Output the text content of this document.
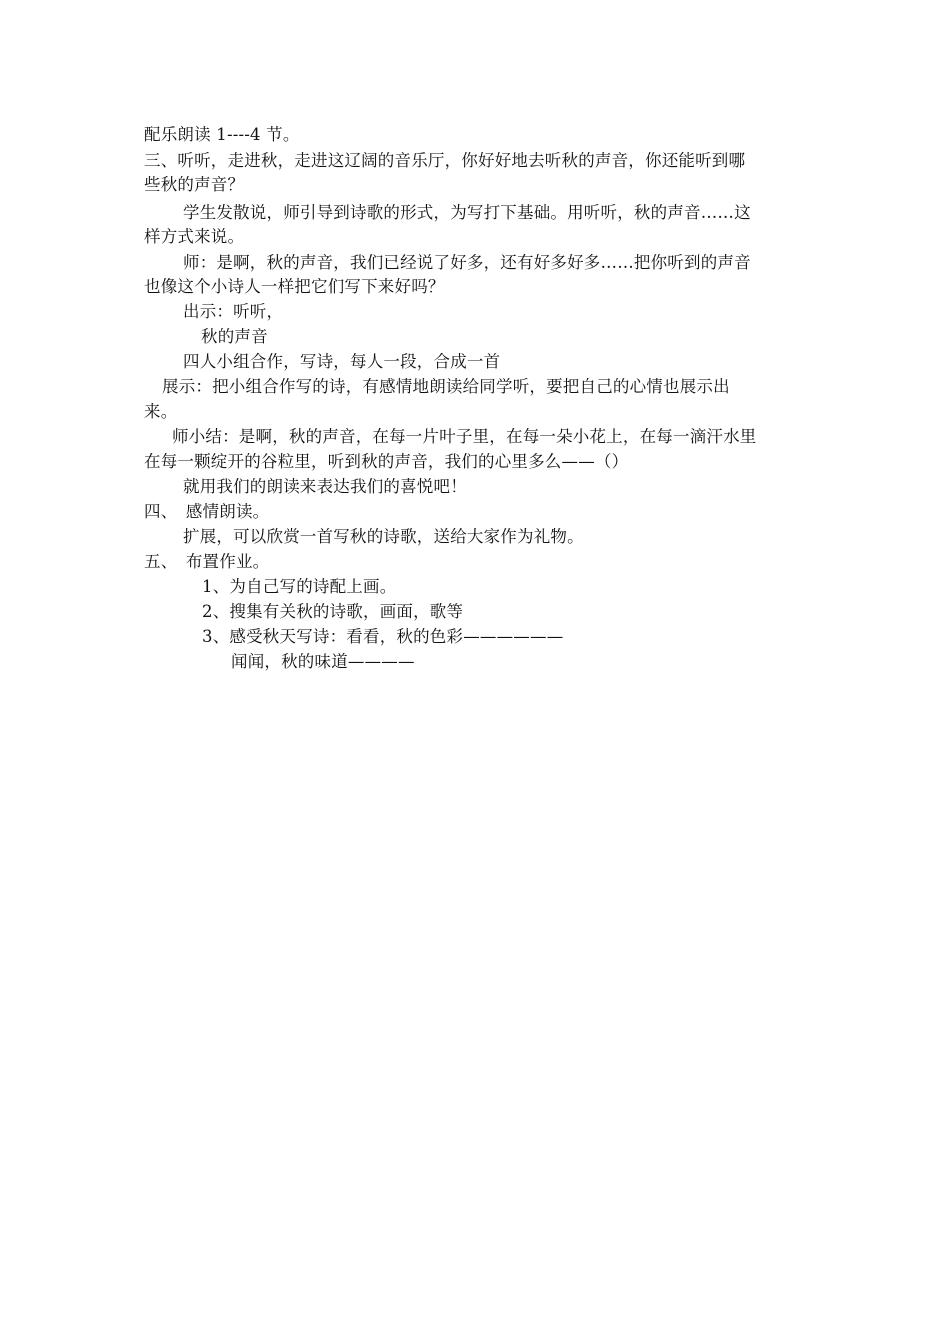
配乐朗读 1----4 节。
三、听听，走进秋，走进这辽阔的音乐厅，你好好地去听秋的声音，你还能听到哪
些秋的声音？
学生发散说，师引导到诗歌的形式，为写打下基础。用听听，秋的声音……这
样方式来说。
师：是啊，秋的声音，我们已经说了好多，还有好多好多……把你听到的声音
也像这个小诗人一样把它们写下来好吗？
出示：听听，
秋的声音
四人小组合作，写诗，每人一段，合成一首
展示：把小组合作写的诗，有感情地朗读给同学听，要把自己的心情也展示出
来。
师小结：是啊，秋的声音，在每一片叶子里，在每一朵小花上，在每一滴汗水里
在每一颗绽开的谷粒里，听到秋的声音，我们的心里多么——（）
就用我们的朗读来表达我们的喜悦吧！
四、　感情朗读。
扩展，可以欣赏一首写秋的诗歌，送给大家作为礼物。
五、　布置作业。
1、为自己写的诗配上画。
2、搜集有关秋的诗歌，画面，歌等
3、感受秋天写诗：看看，秋的色彩——————
闻闻，秋的味道————
